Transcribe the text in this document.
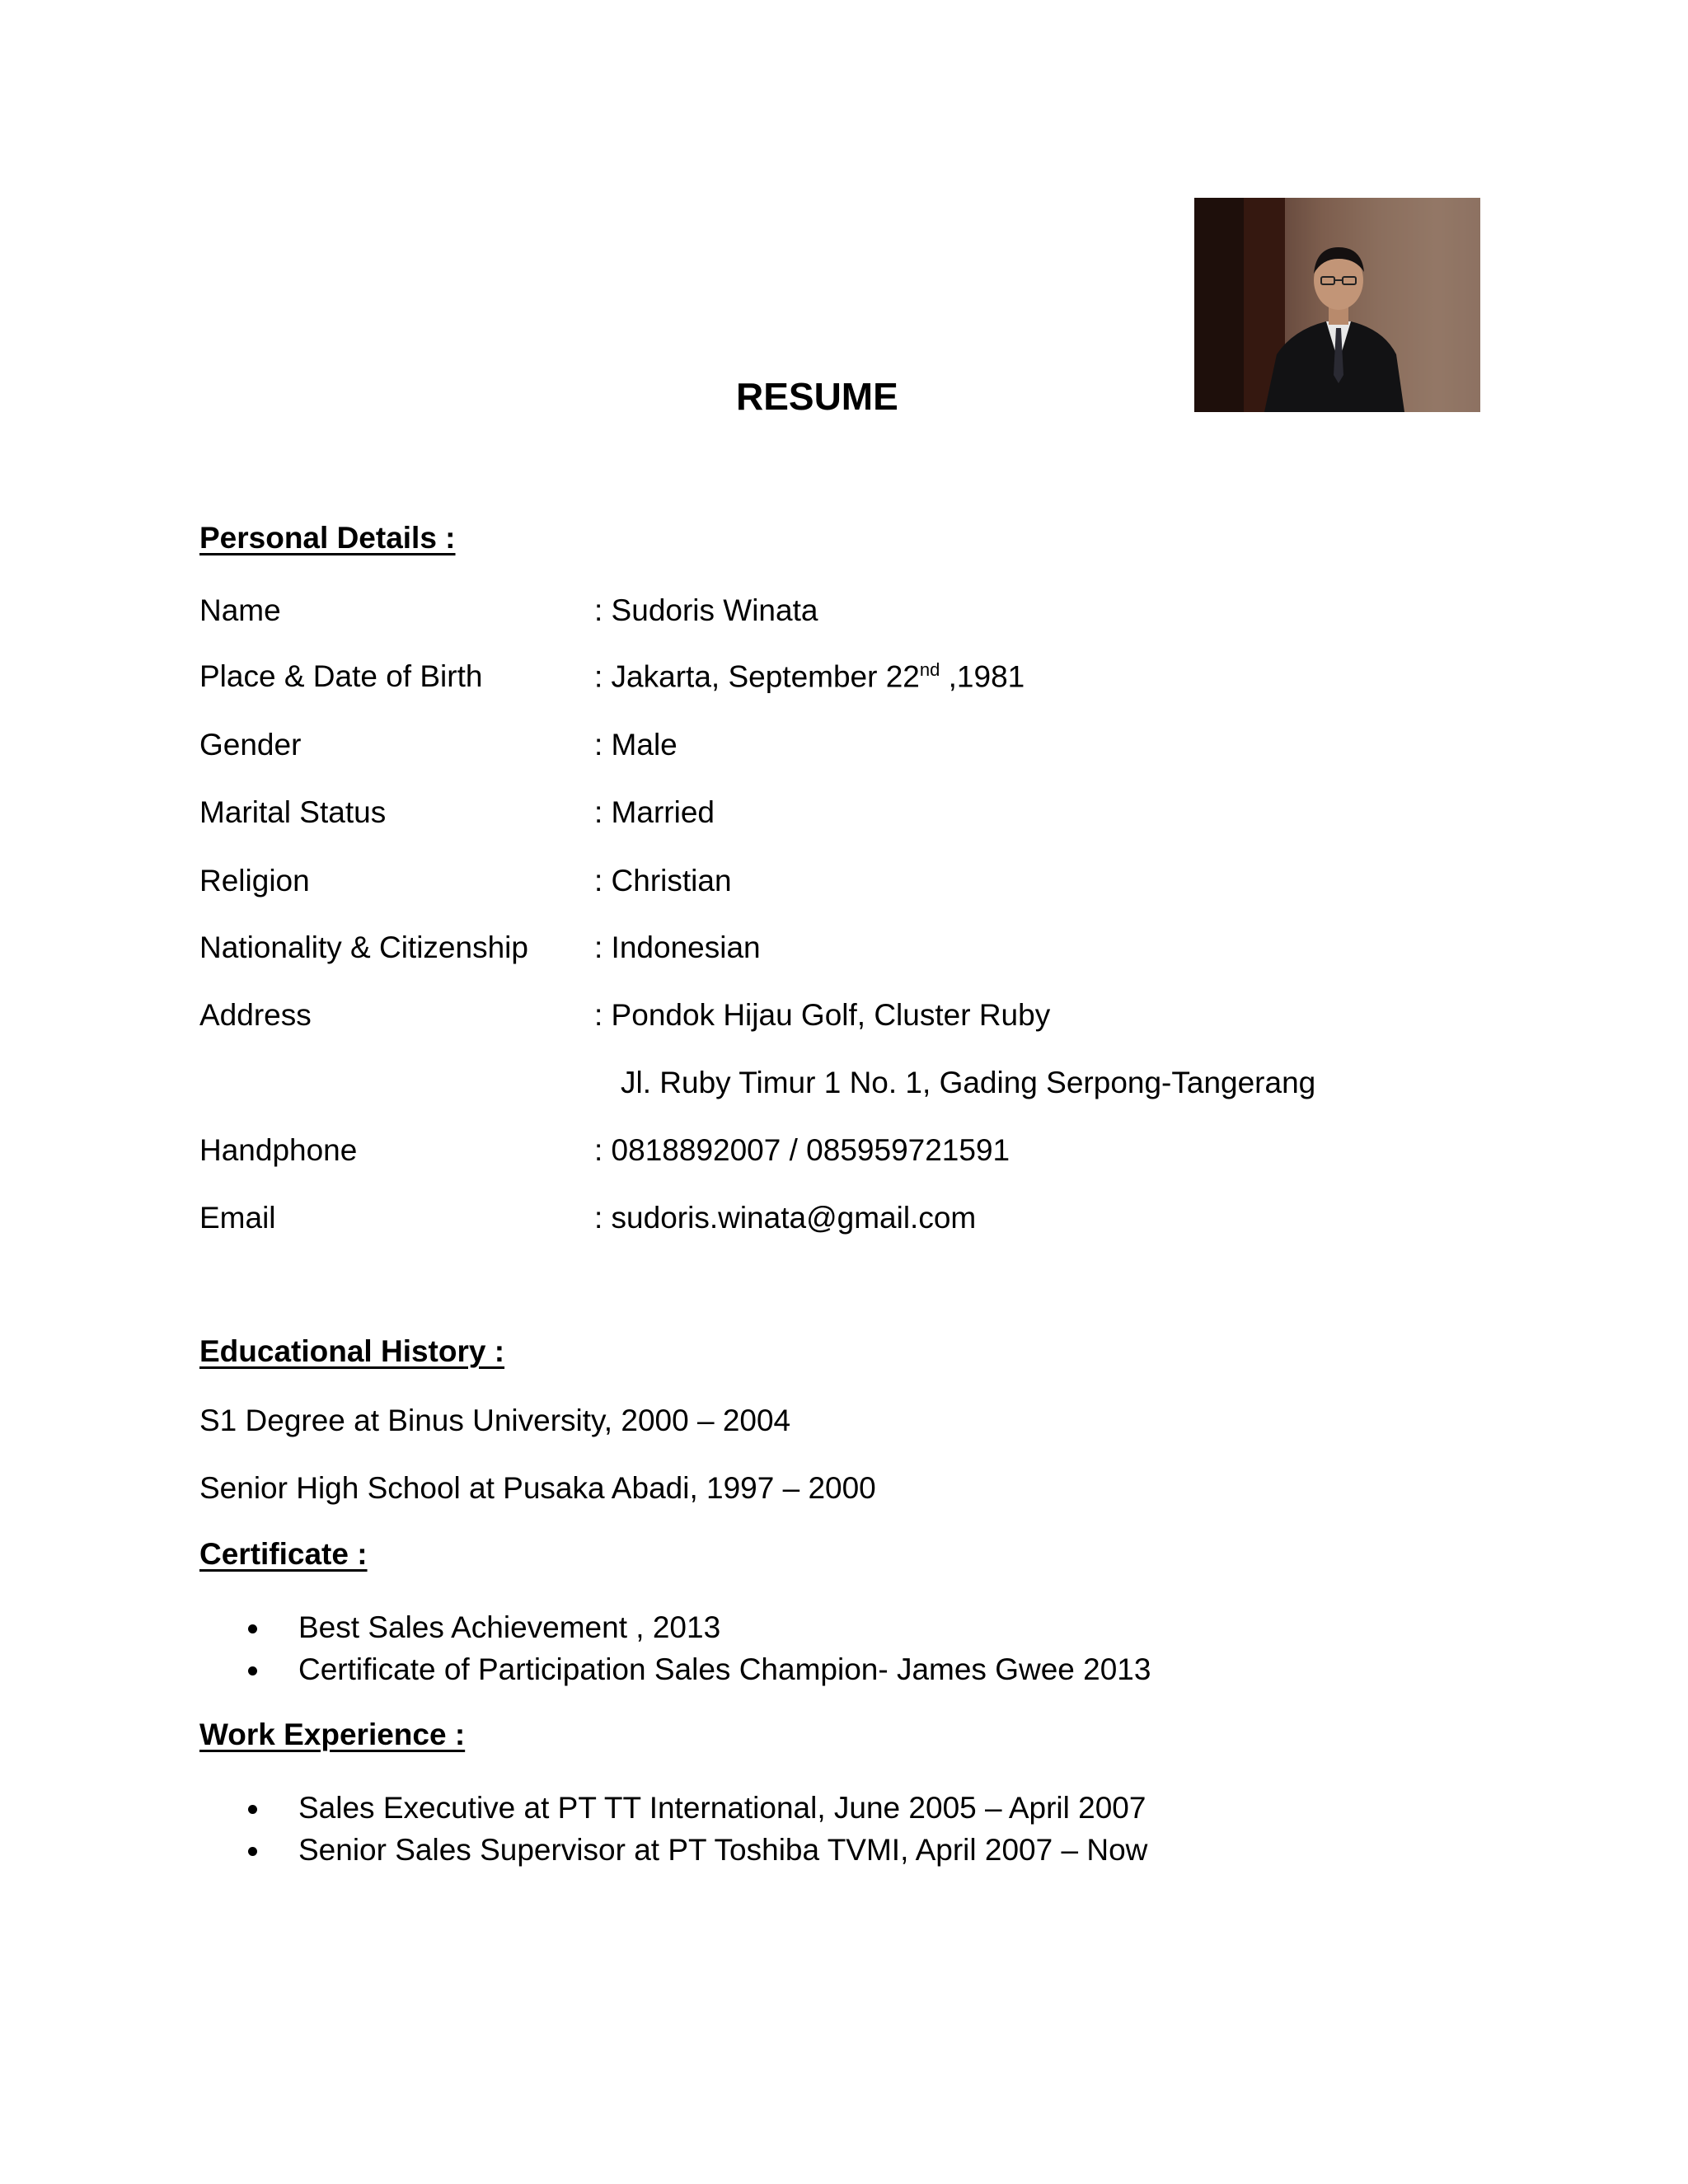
RESUME
Personal Details :
Name	: Sudoris Winata
Place & Date of Birth	: Jakarta, September 22nd ,1981
Gender	: Male
Marital Status	: Married
Religion	: Christian
Nationality & Citizenship : Indonesian
Address	: Pondok Hijau Golf, Cluster Ruby
Jl. Ruby Timur 1 No. 1, Gading Serpong-Tangerang
Handphone	: 0818892007 / 085959721591
Email	: sudoris.winata@gmail.com
Educational History :
S1 Degree at Binus University, 2000 – 2004
Senior High School at Pusaka Abadi, 1997 – 2000
Certificate :
Best Sales Achievement , 2013
Certificate of Participation Sales Champion- James Gwee 2013
Work Experience :
Sales Executive at PT TT International, June 2005 – April 2007
Senior Sales Supervisor at PT Toshiba TVMI, April 2007 – Now
